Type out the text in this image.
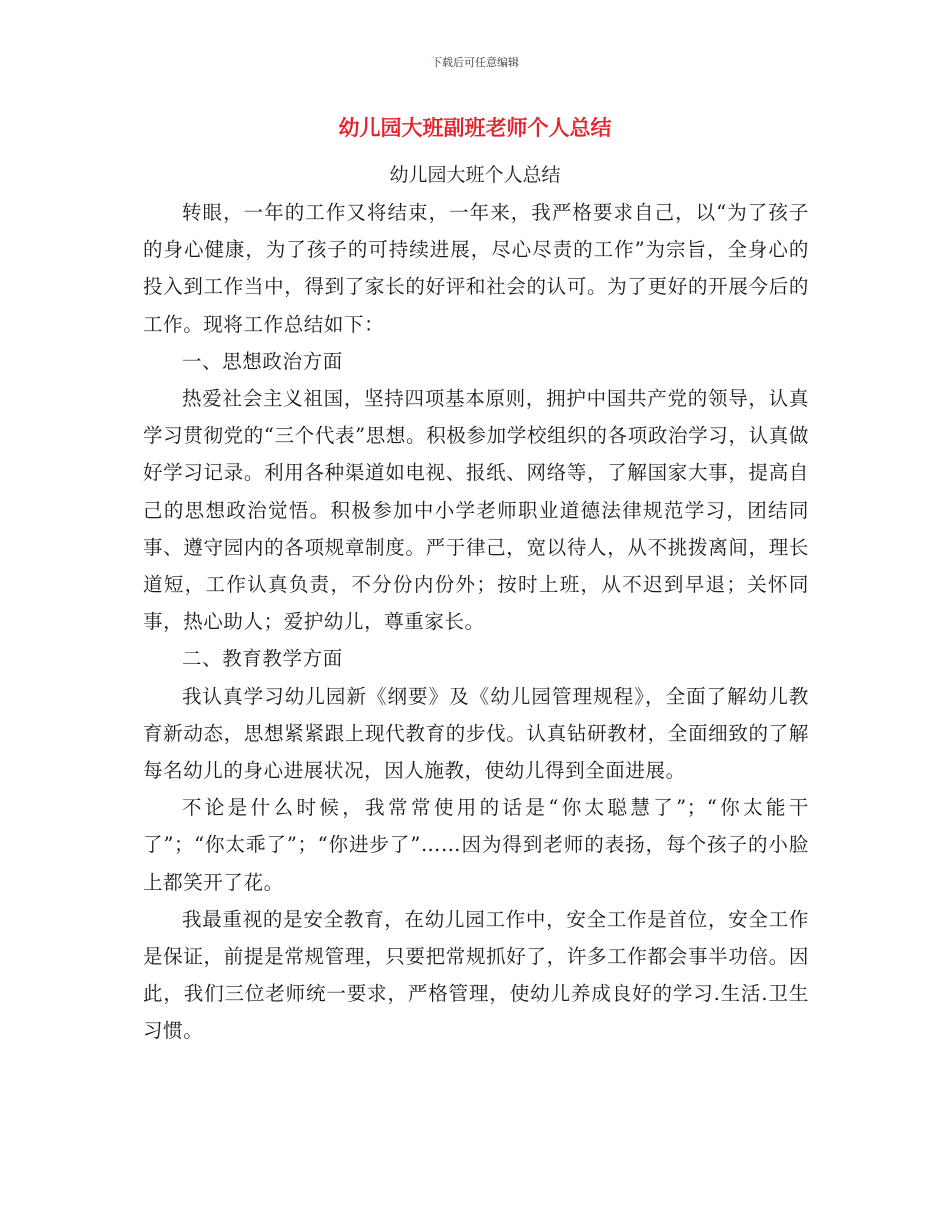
下载后可任意编辑
幼儿园大班副班老师个人总结
幼儿园大班个人总结

转眼，一年的工作又将结束，一年来，我严格要求自己，以“为了孩子的身心健康，为了孩子的可持续进展，尽心尽责的工作”为宗旨，全身心的投入到工作当中，得到了家长的好评和社会的认可。为了更好的开展今后的工作。现将工作总结如下：

一、思想政治方面

热爱社会主义祖国，坚持四项基本原则，拥护中国共产党的领导，认真学习贯彻党的“三个代表”思想。积极参加学校组织的各项政治学习，认真做好学习记录。利用各种渠道如电视、报纸、网络等，了解国家大事，提高自己的思想政治觉悟。积极参加中小学老师职业道德法律规范学习，团结同事、遵守园内的各项规章制度。严于律己，宽以待人，从不挑拨离间，理长道短，工作认真负责，不分份内份外；按时上班，从不迟到早退；关怀同事，热心助人；爱护幼儿，尊重家长。

二、教育教学方面

我认真学习幼儿园新《纲要》及《幼儿园管理规程》，全面了解幼儿教育新动态，思想紧紧跟上现代教育的步伐。认真钻研教材，全面细致的了解每名幼儿的身心进展状况，因人施教，使幼儿得到全面进展。

不论是什么时候，我常常使用的话是“你太聪慧了”；“你太能干了”；“你太乖了”；“你进步了”……因为得到老师的表扬，每个孩子的小脸上都笑开了花。

我最重视的是安全教育，在幼儿园工作中，安全工作是首位，安全工作是保证，前提是常规管理，只要把常规抓好了，许多工作都会事半功倍。因此，我们三位老师统一要求，严格管理，使幼儿养成良好的学习.生活.卫生习惯。
